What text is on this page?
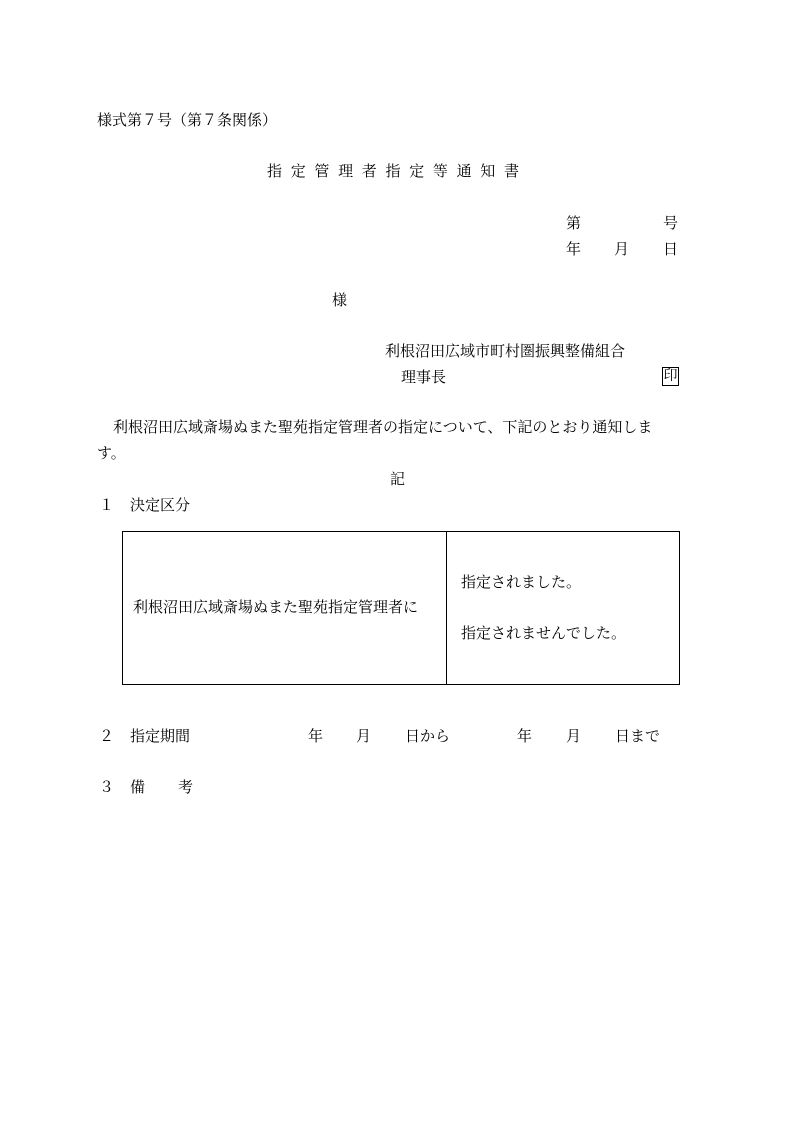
様式第７号（第７条関係）
指定管理者指定等通知書
第	号
年 月 日
様
利根沼田広域市町村圏振興整備組合
理事長	印
利根沼田広域斎場ぬまた聖苑指定管理者の指定について、下記のとおり通知しま
す。
記
１ 決定区分
利根沼田広域斎場ぬまた聖苑指定管理者に
指定されました。
指定されませんでした。
２ 指定期間	年 月 日から	年 月 日まで
３ 備 考
